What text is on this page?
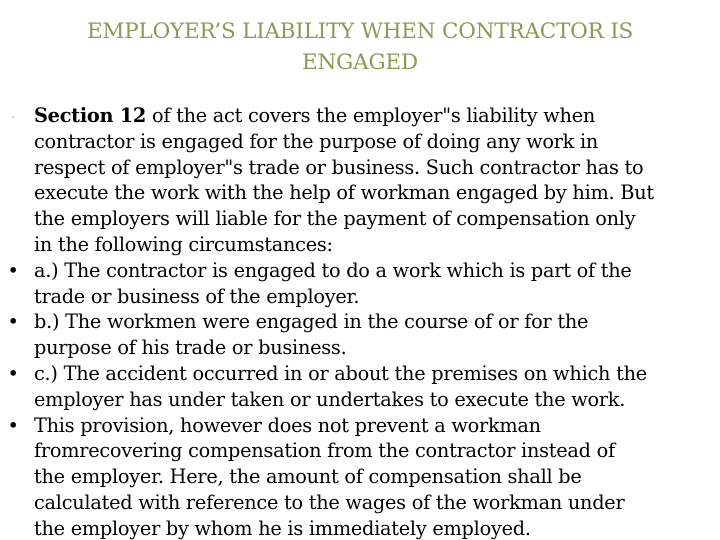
EMPLOYER’S LIABILITY WHEN CONTRACTOR IS
ENGAGED
- Section 12 of the act covers the employer"s liability when
contractor is engaged for the purpose of doing any work in
respect of employer"s trade or business. Such contractor has to
execute the work with the help of workman engaged by him. But
the employers will liable for the payment of compensation only
in the following circumstances:
• a.) The contractor is engaged to do a work which is part of the
trade or business of the employer.
• b.) The workmen were engaged in the course of or for the
purpose of his trade or business.
• c.) The accident occurred in or about the premises on which the
employer has under taken or undertakes to execute the work.
• This provision, however does not prevent a workman
fromrecovering compensation from the contractor instead of
the employer. Here, the amount of compensation shall be
calculated with reference to the wages of the workman under
the employer by whom he is immediately employed.
